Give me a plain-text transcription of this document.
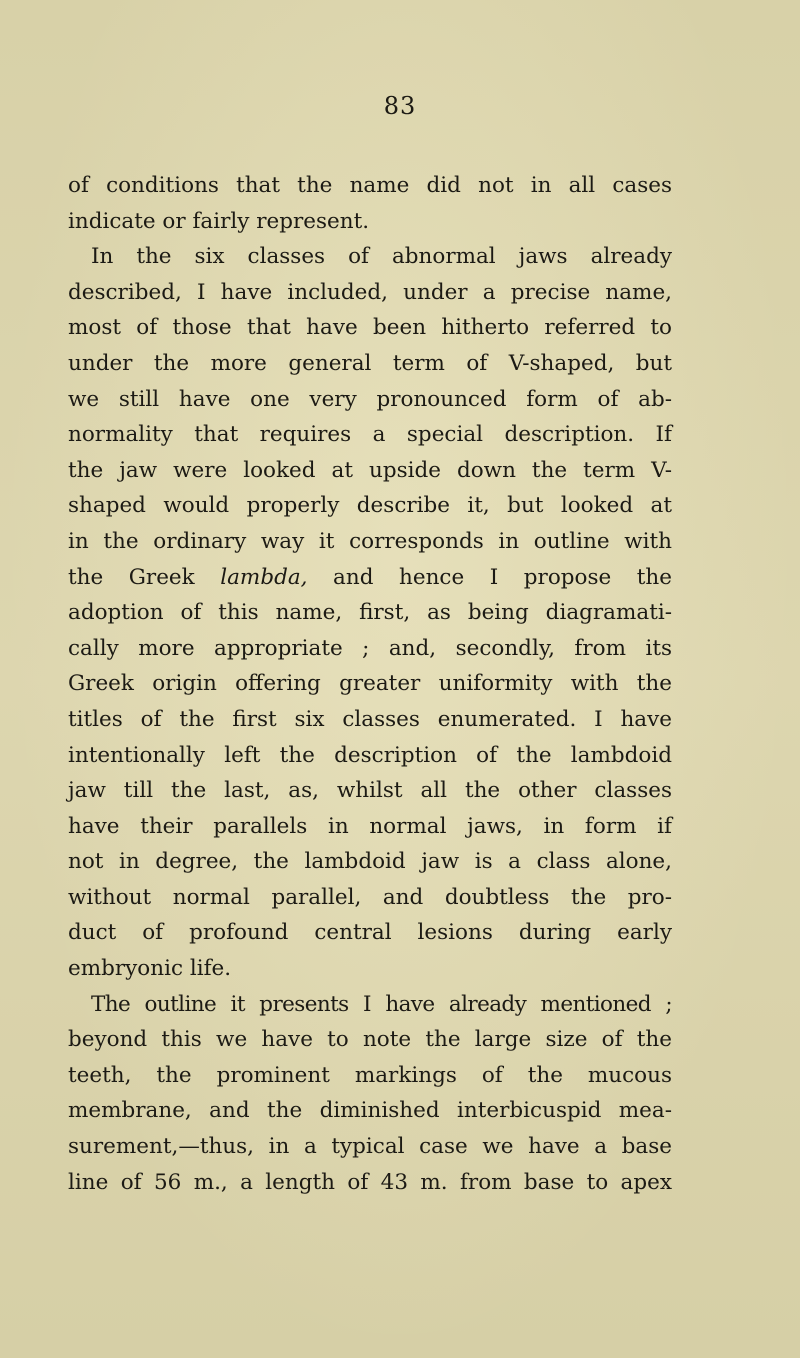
83
of conditions that the name did not in all cases
indicate or fairly represent.
In the six classes of abnormal jaws already
described, I have included, under a precise name,
most of those that have been hitherto referred to
under the more general term of V-shaped, but
we still have one very pronounced form of ab-
normality that requires a special description. If
the jaw were looked at upside down the term V-
shaped would properly describe it, but looked at
in the ordinary way it corresponds in outline with
the Greek lambda, and hence I propose the
adoption of this name, first, as being diagramati-
cally more appropriate ; and, secondly, from its
Greek origin offering greater uniformity with the
titles of the first six classes enumerated. I have
intentionally left the description of the lambdoid
jaw till the last, as, whilst all the other classes
have their parallels in normal jaws, in form if
not in degree, the lambdoid jaw is a class alone,
without normal parallel, and doubtless the pro-
duct of profound central lesions during early
embryonic life.
The outline it presents I have already mentioned ;
beyond this we have to note the large size of the
teeth, the prominent markings of the mucous
membrane, and the diminished interbicuspid mea-
surement,—thus, in a typical case we have a base
line of 56 m., a length of 43 m. from base to apex
